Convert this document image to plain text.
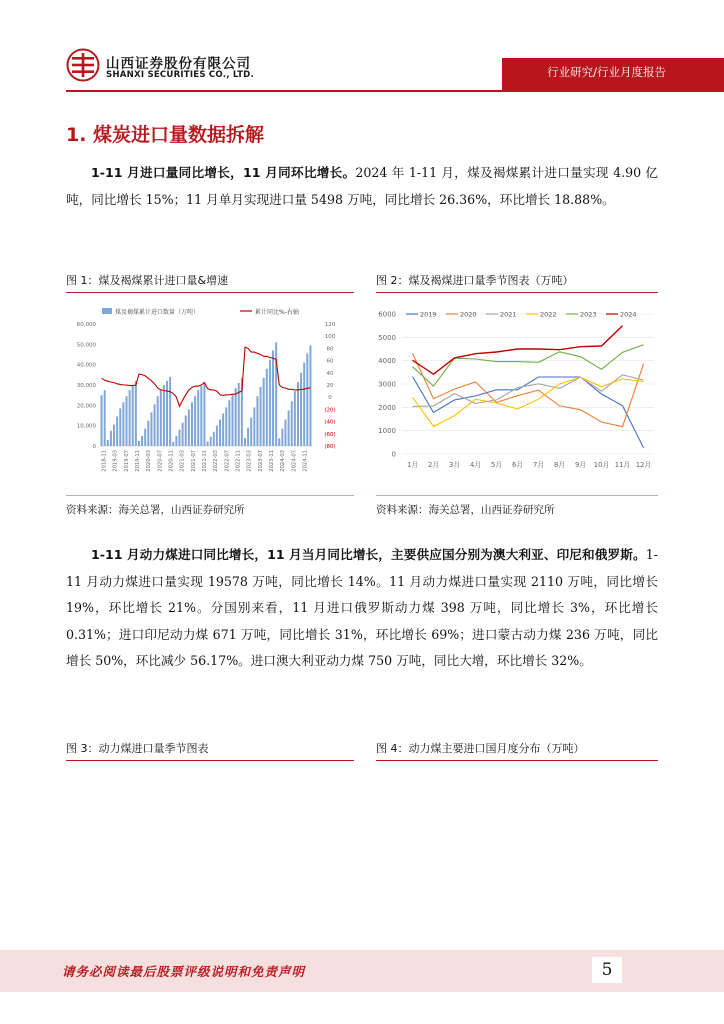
山西证券股份有限公司
SHANXI SECURITIES CO., LTD.	行业研究/行业月度报告
1. 煤炭进口量数据拆解

1-11 月进口量同比增长，11 月同环比增长。2024 年 1-11 月，煤及褐煤累计进口量实现 4.90 亿吨，同比增长 15%；11 月单月实现进口量 5498 万吨，同比增长 26.36%，环比增长 18.88%。

图 1：煤及褐煤累计进口量&增速	图 2：煤及褐煤进口量季节图表（万吨）
煤及褐煤累计进口数量（万吨）	累计同比%-右轴
60,000
50,000
40,000
30,000
20,000
10,000
0
120
100
80
60
40
20
0
(20)
(40)
(60)
(80)
2018-11 2019-03 2019-07 2019-11 2020-03 2020-07 2020-11 2021-03 2021-07 2021-11 2022-03 2022-07 2022-11 2023-03 2023-07 2023-11 2024-03 2024-07 2024-11
6000
5000
4000
3000
2000
1000
0
2019	2020	2021	2022	2023	2024
1月 2月 3月 4月 5月 6月 7月 8月 9月 10月 11月 12月
资料来源：海关总署，山西证券研究所	资料来源：海关总署，山西证券研究所

1-11 月动力煤进口同比增长，11 月当月同比增长，主要供应国分别为澳大利亚、印尼和俄罗斯。1-11 月动力煤进口量实现 19578 万吨，同比增长 14%。11 月动力煤进口量实现 2110 万吨，同比增长 19%，环比增长 21%。分国别来看，11 月进口俄罗斯动力煤 398 万吨，同比增长 3%，环比增长 0.31%；进口印尼动力煤 671 万吨，同比增长 31%，环比增长 69%；进口蒙古动力煤 236 万吨，同比增长 50%，环比减少 56.17%。进口澳大利亚动力煤 750 万吨，同比大增，环比增长 32%。

图 3：动力煤进口量季节图表	图 4：动力煤主要进口国月度分布（万吨）
请务必阅读最后股票评级说明和免责声明	5
